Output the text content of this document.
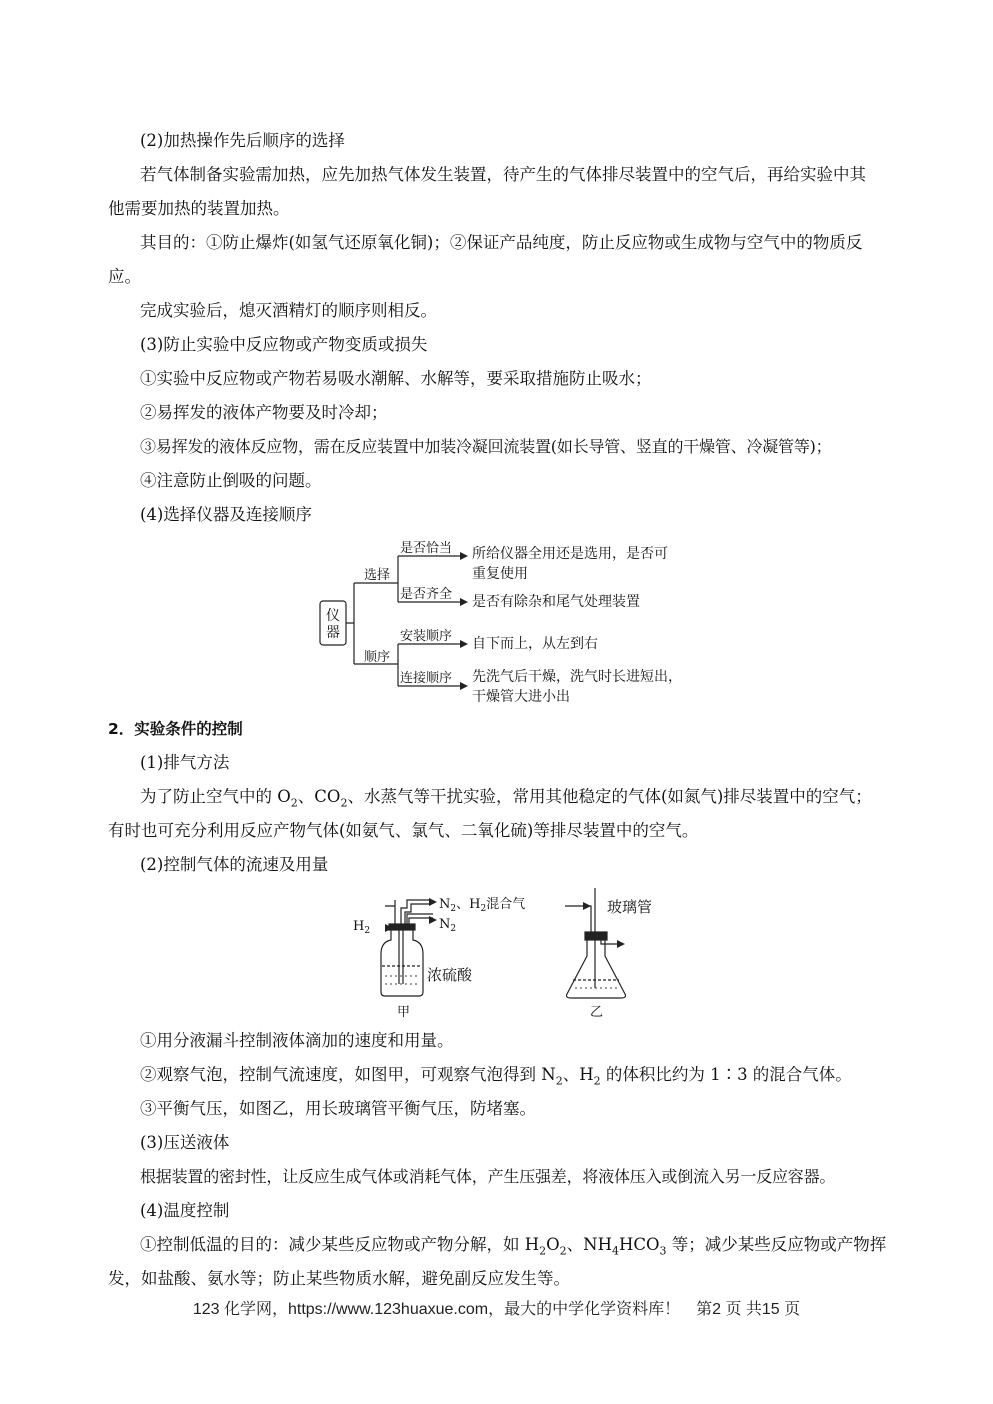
(2)加热操作先后顺序的选择
若气体制备实验需加热，应先加热气体发生装置，待产生的气体排尽装置中的空气后，再给实验中其
他需要加热的装置加热。
其目的：①防止爆炸(如氢气还原氧化铜)；②保证产品纯度，防止反应物或生成物与空气中的物质反
应。
完成实验后，熄灭酒精灯的顺序则相反。
(3)防止实验中反应物或产物变质或损失
①实验中反应物或产物若易吸水潮解、水解等，要采取措施防止吸水；
②易挥发的液体产物要及时冷却；
③易挥发的液体反应物，需在反应装置中加装冷凝回流装置(如长导管、竖直的干燥管、冷凝管等)；
④注意防止倒吸的问题。
(4)选择仪器及连接顺序
仪器
选择
顺序
是否恰当
是否齐全
安装顺序
连接顺序
所给仪器全用还是选用，是否可
重复使用
是否有除杂和尾气处理装置
自下而上，从左到右
先洗气后干燥，洗气时长进短出，
干燥管大进小出
2．实验条件的控制
(1)排气方法
为了防止空气中的 $O_2$、$CO_2$、水蒸气等干扰实验，常用其他稳定的气体(如氮气)排尽装置中的空气；
有时也可充分利用反应产物气体(如氨气、氯气、二氧化硫)等排尽装置中的空气。
(2)控制气体的流速及用量
$H_2$
$N_2$、$H_2$混合气
$N_2$
浓硫酸
甲
玻璃管
乙
①用分液漏斗控制液体滴加的速度和用量。
②观察气泡，控制气流速度，如图甲，可观察气泡得到 $N_2$、$H_2$ 的体积比约为 1∶3 的混合气体。
③平衡气压，如图乙，用长玻璃管平衡气压，防堵塞。
(3)压送液体
根据装置的密封性，让反应生成气体或消耗气体，产生压强差，将液体压入或倒流入另一反应容器。
(4)温度控制
①控制低温的目的：减少某些反应物或产物分解，如 $H_2O_2$、$NH_4HCO_3$ 等；减少某些反应物或产物挥
发，如盐酸、氨水等；防止某些物质水解，避免副反应发生等。
123 化学网，https://www.123huaxue.com，最大的中学化学资料库！　第2 页 共15 页
